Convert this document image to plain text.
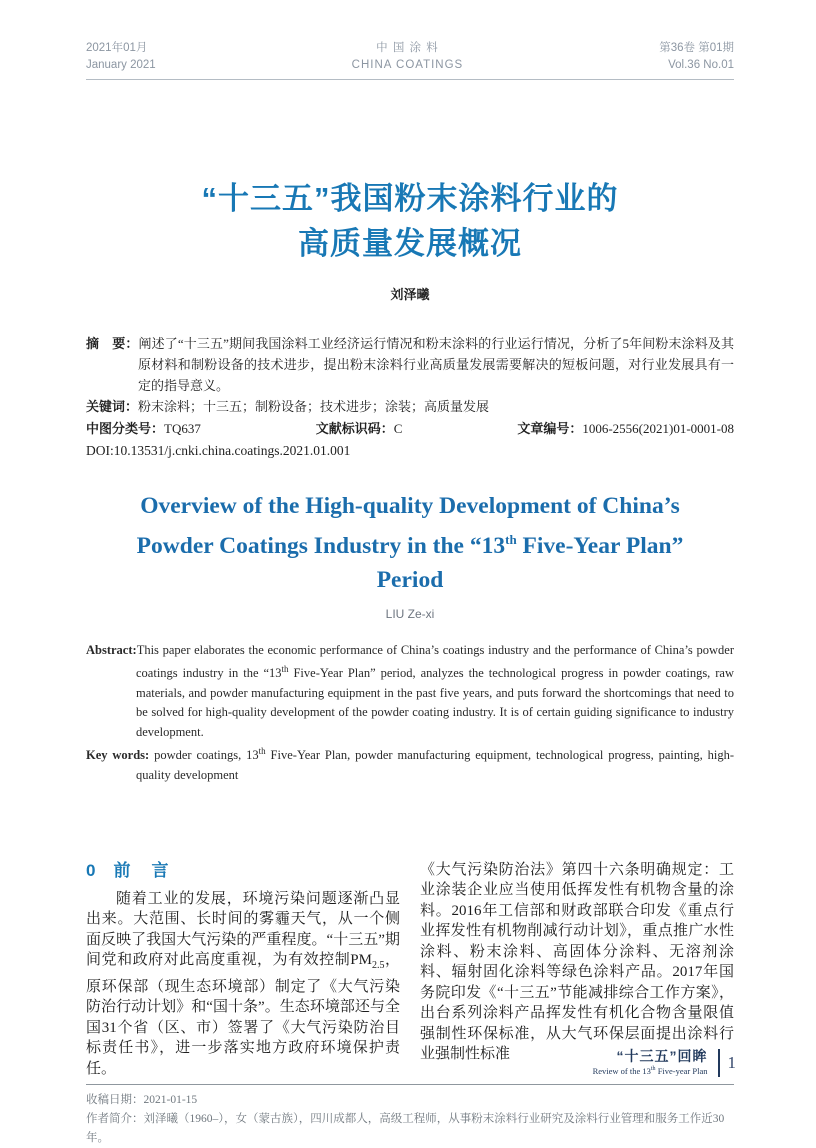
2021年01月
January 2021
中 国 涂 料
CHINA COATINGS
第36卷 第01期
Vol.36 No.01
“十三五”我国粉末涂料行业的
高质量发展概况
刘泽曦

摘　要：阐述了“十三五”期间我国涂料工业经济运行情况和粉末涂料的行业运行情况，分析了5年间粉末涂料及其原材料和制粉设备的技术进步，提出粉末涂料行业高质量发展需要解决的短板问题，对行业发展具有一定的指导意义。

关键词：粉末涂料；十三五；制粉设备；技术进步；涂装；高质量发展

中图分类号：TQ637	文献标识码：C	文章编号：1006-2556(2021)01-0001-08
DOI:10.13531/j.cnki.china.coatings.2021.01.001
Overview of the High-quality Development of China’s
Powder Coatings Industry in the “13th Five-Year Plan”
Period
LIU Ze-xi

Abstract:This paper elaborates the economic performance of China’s coatings industry and the performance of China’s powder coatings industry in the “13th Five-Year Plan” period, analyzes the technological progress in powder coatings, raw materials, and powder manufacturing equipment in the past five years, and puts forward the shortcomings that need to be solved for high-quality development of the powder coating industry. It is of certain guiding significance to industry development.

Key words: powder coatings, 13th Five-Year Plan, powder manufacturing equipment, technological progress, painting, high-quality development

0 前　言

随着工业的发展，环境污染问题逐渐凸显出来。大范围、长时间的雾霾天气，从一个侧面反映了我国大气污染的严重程度。“十三五”期间党和政府对此高度重视，为有效控制$PM_{2.5}$，原环保部（现生态环境部）制定了《大气污染防治行动计划》和“国十条”。生态环境部还与全国31个省（区、市）签署了《大气污染防治目标责任书》，进一步落实地方政府环境保护责任。

《大气污染防治法》第四十六条明确规定：工业涂装企业应当使用低挥发性有机物含量的涂料。2016年工信部和财政部联合印发《重点行业挥发性有机物削减行动计划》，重点推广水性涂料、粉末涂料、高固体分涂料、无溶剂涂料、辐射固化涂料等绿色涂料产品。2017年国务院印发《“十三五”节能减排综合工作方案》，出台系列涂料产品挥发性有机化合物含量限值强制性环保标准，从大气环保层面提出涂料行业强制性标准

收稿日期：2021-01-15
作者简介：刘泽曦（1960–），女（蒙古族），四川成都人，高级工程师，从事粉末涂料行业研究及涂料行业管理和服务工作近30年。
“十三五”回眸
Review of the 13th Five-year Plan 1
